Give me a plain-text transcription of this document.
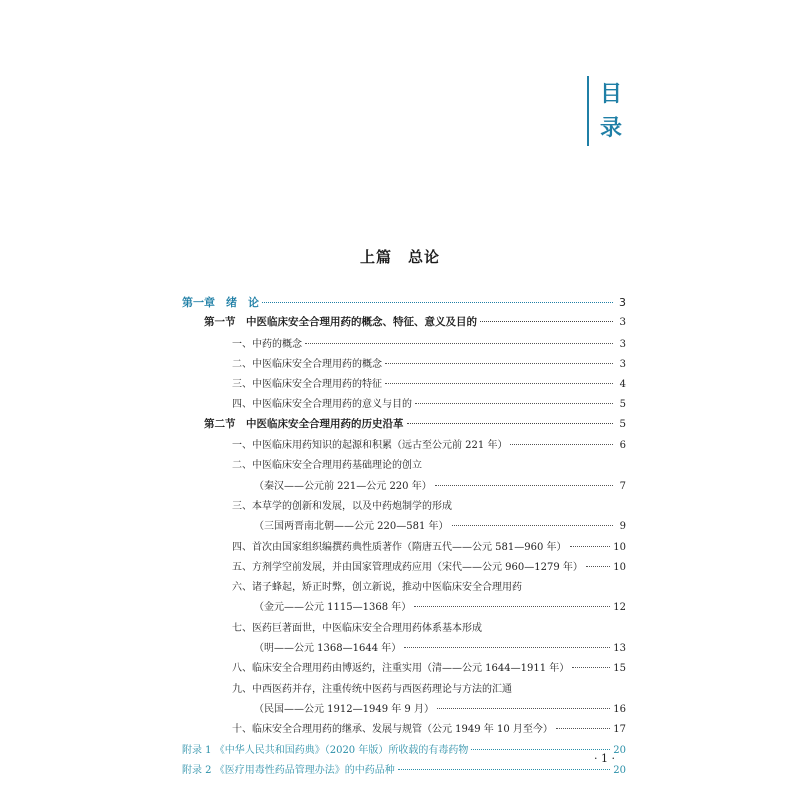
目
录
上篇　总论
第一章　绪　论	3
第一节　中医临床安全合理用药的概念、特征、意义及目的	3
一、中药的概念	3
二、中医临床安全合理用药的概念	3
三、中医临床安全合理用药的特征	4
四、中医临床安全合理用药的意义与目的	5
第二节　中医临床安全合理用药的历史沿革	5
一、中医临床用药知识的起源和积累（远古至公元前 221 年）	6
二、中医临床安全合理用药基础理论的创立
（秦汉——公元前 221—公元 220 年）	7
三、本草学的创新和发展，以及中药炮制学的形成
（三国两晋南北朝——公元 220—581 年）	9
四、首次由国家组织编撰药典性质著作（隋唐五代——公元 581—960 年）	10
五、方剂学空前发展，并由国家管理成药应用（宋代——公元 960—1279 年）	10
六、诸子蜂起，矫正时弊，创立新说，推动中医临床安全合理用药
（金元——公元 1115—1368 年）	12
七、医药巨著面世，中医临床安全合理用药体系基本形成
（明——公元 1368—1644 年）	13
八、临床安全合理用药由博返约，注重实用（清——公元 1644—1911 年）	15
九、中西医药并存，注重传统中医药与西医药理论与方法的汇通
（民国——公元 1912—1949 年 9 月）	16
十、临床安全合理用药的继承、发展与规管（公元 1949 年 10 月至今）	17
附录 1 《中华人民共和国药典》（2020 年版）所收载的有毒药物	20
附录 2 《医疗用毒性药品管理办法》的中药品种	20
· 1 ·
